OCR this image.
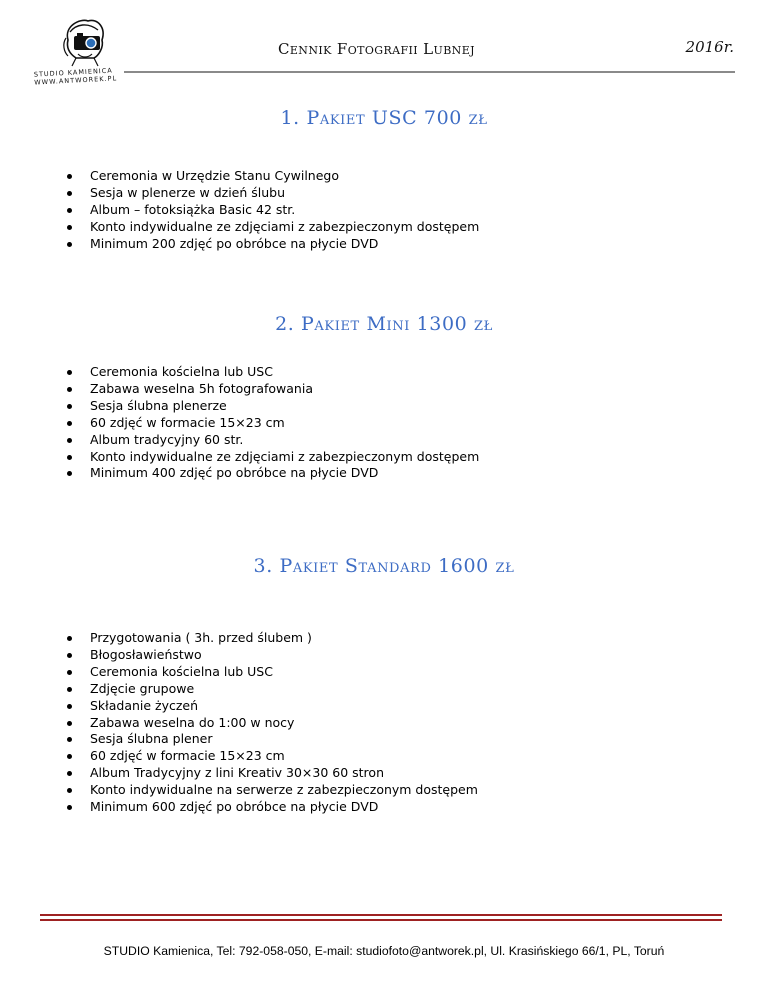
STUDIO KAMIENICA
WWW.ANTWOREK.PL
Cennik Fotografii Lubnej	2016r.
1. Pakiet USC 700 zł
Ceremonia w Urzędzie Stanu Cywilnego
Sesja w plenerze w dzień ślubu
Album – fotoksiążka Basic 42 str.
Konto indywidualne ze zdjęciami z zabezpieczonym dostępem
Minimum 200 zdjęć po obróbce na płycie DVD
2. Pakiet Mini 1300 zł
Ceremonia kościelna lub USC
Zabawa weselna 5h fotografowania
Sesja ślubna plenerze
60 zdjęć w formacie 15×23 cm
Album tradycyjny 60 str.
Konto indywidualne ze zdjęciami z zabezpieczonym dostępem
Minimum 400 zdjęć po obróbce na płycie DVD
3. Pakiet Standard 1600 zł
Przygotowania ( 3h. przed ślubem )
Błogosławieństwo
Ceremonia kościelna lub USC
Zdjęcie grupowe
Składanie życzeń
Zabawa weselna do 1:00 w nocy
Sesja ślubna plener
60 zdjęć w formacie 15×23 cm
Album Tradycyjny z lini Kreativ 30×30 60 stron
Konto indywidualne na serwerze z zabezpieczonym dostępem
Minimum 600 zdjęć po obróbce na płycie DVD
STUDIO Kamienica, Tel: 792-058-050, E-mail: studiofoto@antworek.pl, Ul. Krasińskiego 66/1, PL, Toruń
